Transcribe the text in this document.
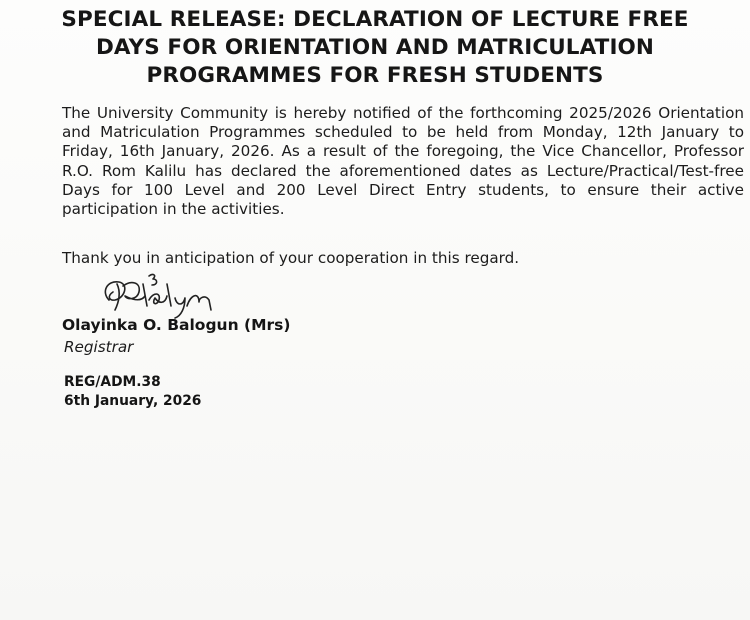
SPECIAL RELEASE: DECLARATION OF LECTURE FREE
DAYS FOR ORIENTATION AND MATRICULATION
PROGRAMMES FOR FRESH STUDENTS

The University Community is hereby notified of the forthcoming 2025/2026 Orientation and Matriculation Programmes scheduled to be held from Monday, 12th January to Friday, 16th January, 2026. As a result of the foregoing, the Vice Chancellor, Professor R.O. Rom Kalilu has declared the aforementioned dates as Lecture/Practical/Test-free Days for 100 Level and 200 Level Direct Entry students, to ensure their active participation in the activities.

Thank you in anticipation of your cooperation in this regard.

Olayinka O. Balogun (Mrs)
Registrar
REG/ADM.38
6th January, 2026
